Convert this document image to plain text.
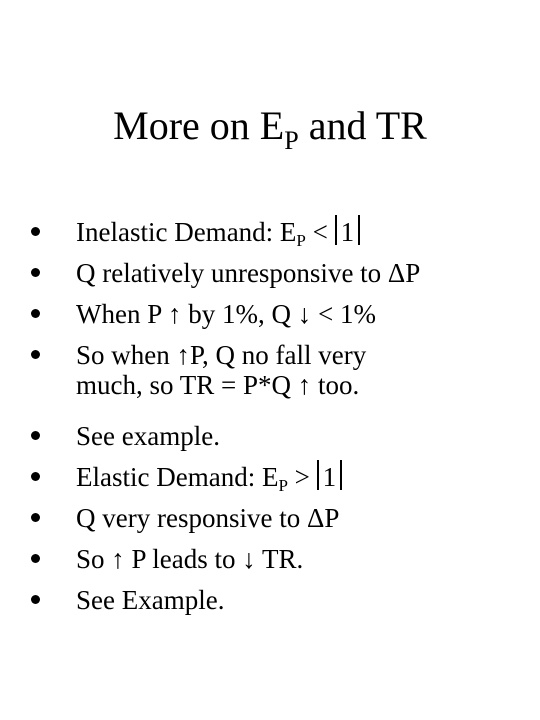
More on $E_P$ and TR
Inelastic Demand: EP < 1
Q relatively unresponsive to ΔP
When P ↑ by 1%, Q ↓ < 1%
So when ↑P, Q no fall very
much, so TR = P*Q ↑ too.
See example.
Elastic Demand: EP > 1
Q very responsive to ΔP
So ↑ P leads to ↓ TR.
See Example.
